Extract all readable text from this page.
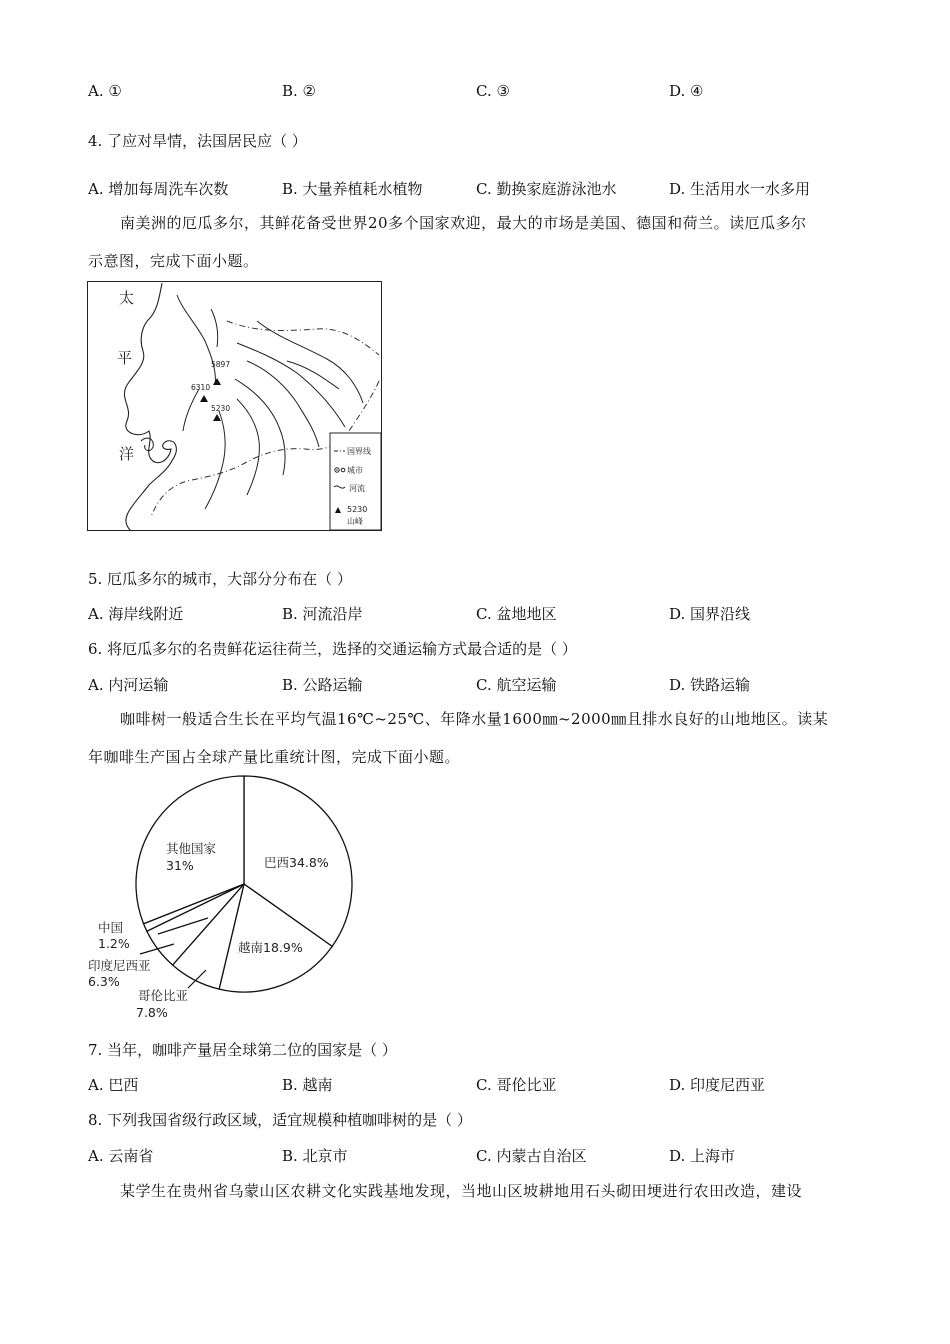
A. ①	B. ②	C. ③	D. ④
4. 了应对旱情，法国居民应（ ）
A. 增加每周洗车次数	B. 大量养植耗水植物	C. 勤换家庭游泳池水	D. 生活用水一水多用
南美洲的厄瓜多尔，其鲜花备受世界20多个国家欢迎，最大的市场是美国、德国和荷兰。读厄瓜多尔
示意图，完成下面小题。
太
平
洋
5897
6310
5230
国界线
城市
河流
5230
山峰
5. 厄瓜多尔的城市，大部分分布在（ ）
A. 海岸线附近	B. 河流沿岸	C. 盆地地区	D. 国界沿线
6. 将厄瓜多尔的名贵鲜花运往荷兰，选择的交通运输方式最合适的是（ ）
A. 内河运输	B. 公路运输	C. 航空运输	D. 铁路运输
咖啡树一般适合生长在平均气温16℃~25℃、年降水量1600㎜~2000㎜且排水良好的山地地区。读某
年咖啡生产国占全球产量比重统计图，完成下面小题。
其他国家
31%	巴西34.8%
越南18.9%
中国
1.2%
印度尼西亚
6.3%
哥伦比亚
7.8%
7. 当年，咖啡产量居全球第二位的国家是（ ）
A. 巴西	B. 越南	C. 哥伦比亚	D. 印度尼西亚
8. 下列我国省级行政区域，适宜规模种植咖啡树的是（ ）
A. 云南省	B. 北京市	C. 内蒙古自治区	D. 上海市
某学生在贵州省乌蒙山区农耕文化实践基地发现，当地山区坡耕地用石头砌田埂进行农田改造，建设
